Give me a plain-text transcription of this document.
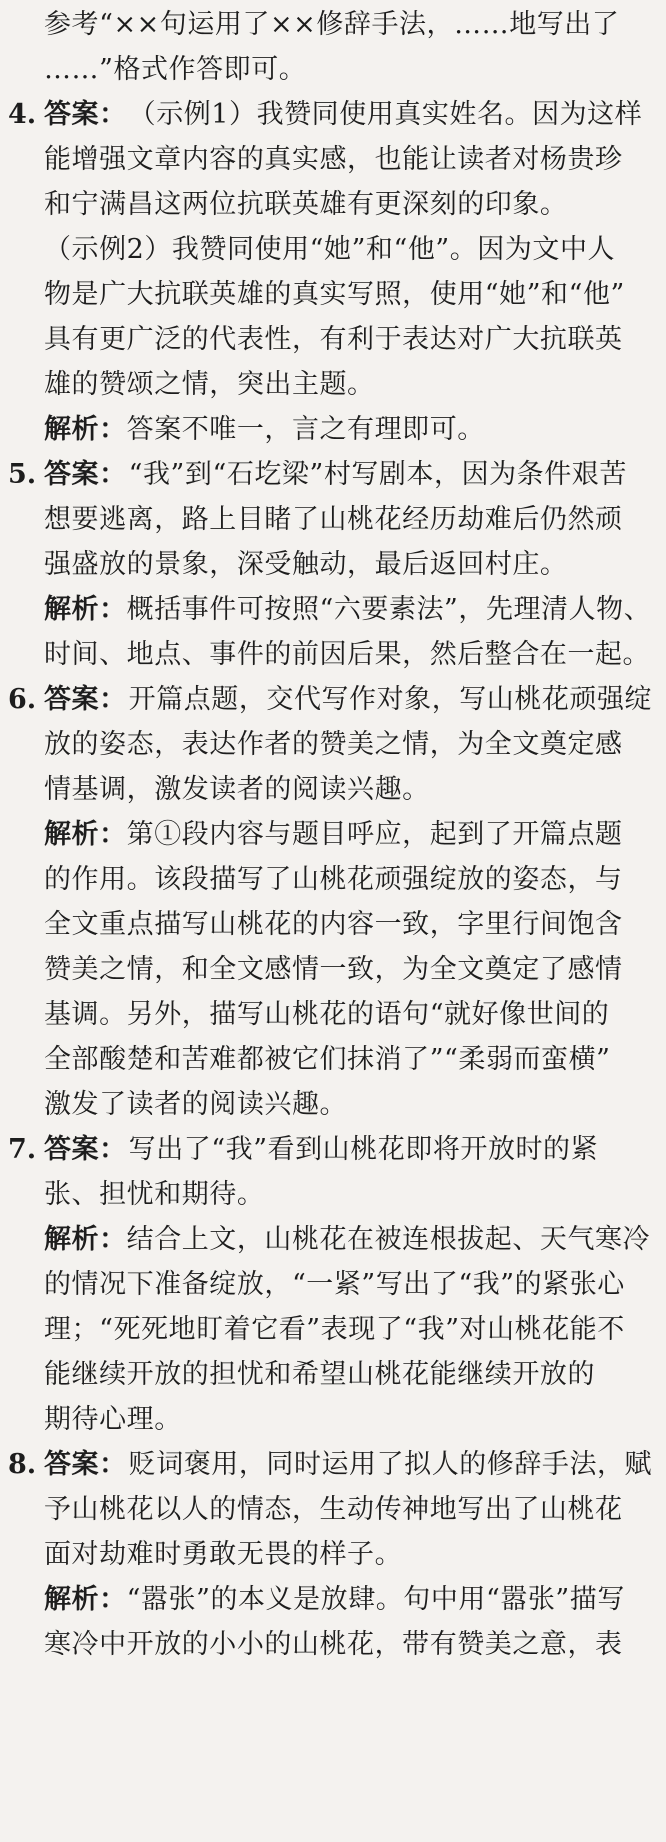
参考“××句运用了××修辞手法，……地写出了
……”格式作答即可。
4. 答案： （示例1）我赞同使用真实姓名。因为这样
能增强文章内容的真实感，也能让读者对杨贵珍
和宁满昌这两位抗联英雄有更深刻的印象。
（示例2）我赞同使用“她”和“他”。因为文中人
物是广大抗联英雄的真实写照，使用“她”和“他”
具有更广泛的代表性，有利于表达对广大抗联英
雄的赞颂之情，突出主题。
解析：答案不唯一，言之有理即可。
5. 答案： “我”到“石圪梁”村写剧本，因为条件艰苦
想要逃离，路上目睹了山桃花经历劫难后仍然顽
强盛放的景象，深受触动，最后返回村庄。
解析：概括事件可按照“六要素法”，先理清人物、
时间、地点、事件的前因后果，然后整合在一起。
6. 答案： 开篇点题，交代写作对象，写山桃花顽强绽
放的姿态，表达作者的赞美之情，为全文奠定感
情基调，激发读者的阅读兴趣。
解析：第①段内容与题目呼应，起到了开篇点题
的作用。该段描写了山桃花顽强绽放的姿态，与
全文重点描写山桃花的内容一致，字里行间饱含
赞美之情，和全文感情一致，为全文奠定了感情
基调。另外，描写山桃花的语句“就好像世间的
全部酸楚和苦难都被它们抹消了”“柔弱而蛮横”
激发了读者的阅读兴趣。
7. 答案： 写出了“我”看到山桃花即将开放时的紧
张、担忧和期待。
解析：结合上文，山桃花在被连根拔起、天气寒冷
的情况下准备绽放，“一紧”写出了“我”的紧张心
理；“死死地盯着它看”表现了“我”对山桃花能不
能继续开放的担忧和希望山桃花能继续开放的
期待心理。
8. 答案： 贬词褒用，同时运用了拟人的修辞手法，赋
予山桃花以人的情态，生动传神地写出了山桃花
面对劫难时勇敢无畏的样子。
解析：“嚣张”的本义是放肆。句中用“嚣张”描写
寒冷中开放的小小的山桃花，带有赞美之意，表
